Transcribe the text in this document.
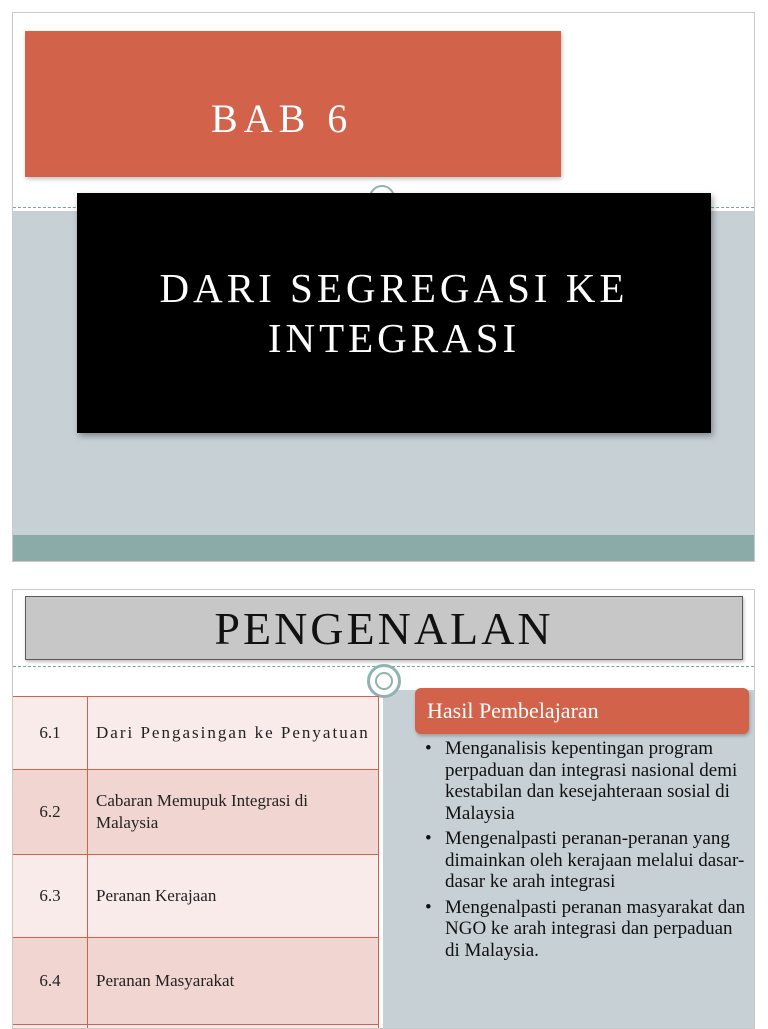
BAB 6
DARI SEGREGASI KE INTEGRASI
PENGENALAN
6.1	Dari Pengasingan ke Penyatuan
6.2	Cabaran Memupuk Integrasi di Malaysia
6.3	Peranan Kerajaan
6.4	Peranan Masyarakat

Hasil Pembelajaran
• Menganalisis kepentingan program perpaduan dan integrasi nasional demi kestabilan dan kesejahteraan sosial di Malaysia
• Mengenalpasti peranan-peranan yang dimainkan oleh kerajaan melalui dasar-dasar ke arah integrasi
• Mengenalpasti peranan masyarakat dan NGO ke arah integrasi dan perpaduan di Malaysia.
